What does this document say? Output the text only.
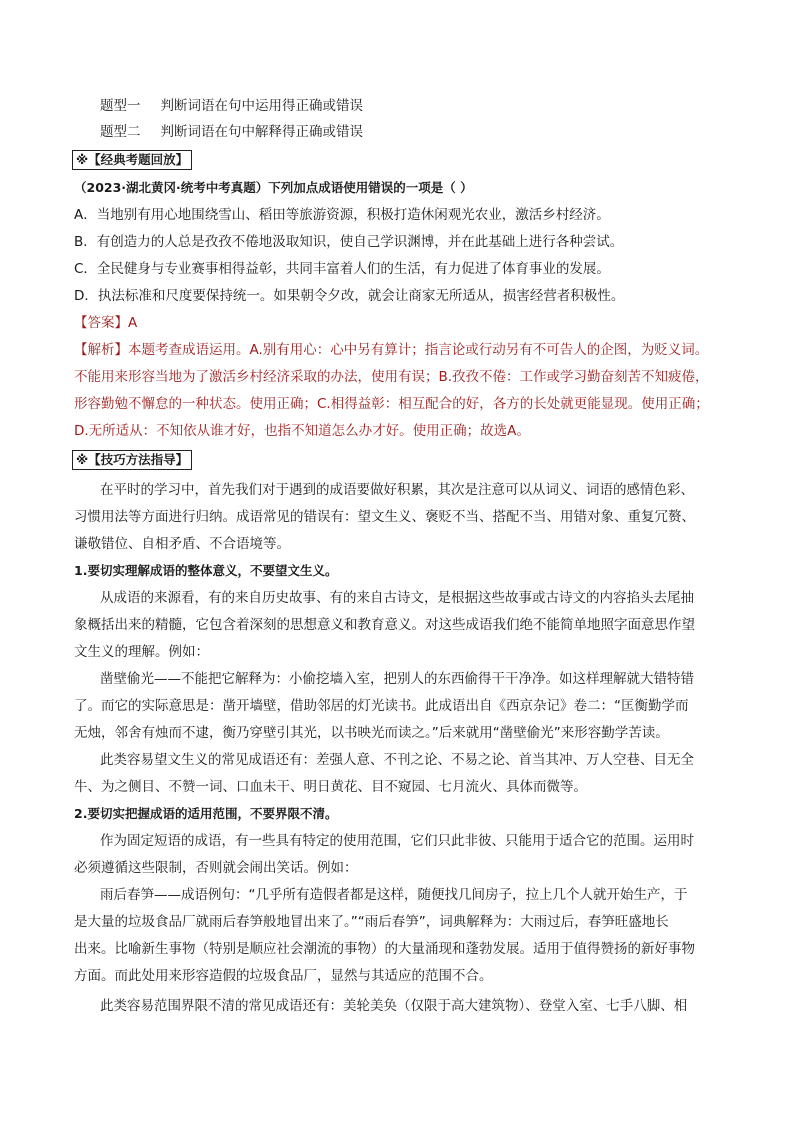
题型一 判断词语在句中运用得正确或错误
题型二 判断词语在句中解释得正确或错误
※【经典考题回放】
（2023·湖北黄冈·统考中考真题）下列加点成语使用错误的一项是（ ）
A．当地别有用心地围绕雪山、稻田等旅游资源，积极打造休闲观光农业，激活乡村经济。
B．有创造力的人总是孜孜不倦地汲取知识，使自己学识渊博，并在此基础上进行各种尝试。
C．全民健身与专业赛事相得益彰，共同丰富着人们的生活，有力促进了体育事业的发展。
D．执法标准和尺度要保持统一。如果朝令夕改，就会让商家无所适从，损害经营者积极性。
【答案】A
【解析】本题考查成语运用。A.别有用心：心中另有算计；指言论或行动另有不可告人的企图，为贬义词。
不能用来形容当地为了激活乡村经济采取的办法，使用有误；B.孜孜不倦：工作或学习勤奋刻苦不知疲倦，
形容勤勉不懈怠的一种状态。使用正确；C.相得益彰：相互配合的好，各方的长处就更能显现。使用正确；
D.无所适从：不知依从谁才好，也指不知道怎么办才好。使用正确；故选A。
※【技巧方法指导】
在平时的学习中，首先我们对于遇到的成语要做好积累，其次是注意可以从词义、词语的感情色彩、
习惯用法等方面进行归纳。成语常见的错误有：望文生义、褒贬不当、搭配不当、用错对象、重复冗赘、
谦敬错位、自相矛盾、不合语境等。
1.要切实理解成语的整体意义，不要望文生义。
从成语的来源看，有的来自历史故事、有的来自古诗文，是根据这些故事或古诗文的内容掐头去尾抽
象概括出来的精髓，它包含着深刻的思想意义和教育意义。对这些成语我们绝不能简单地照字面意思作望
文生义的理解。例如：
凿壁偷光——不能把它解释为：小偷挖墙入室，把别人的东西偷得干干净净。如这样理解就大错特错
了。而它的实际意思是：凿开墙壁，借助邻居的灯光读书。此成语出自《西京杂记》卷二：“匡衡勤学而
无烛，邻舍有烛而不逮，衡乃穿壁引其光，以书映光而读之。”后来就用“凿壁偷光”来形容勤学苦读。
此类容易望文生义的常见成语还有：差强人意、不刊之论、不易之论、首当其冲、万人空巷、目无全
牛、为之侧目、不赞一词、口血未干、明日黄花、目不窥园、七月流火、具体而微等。
2.要切实把握成语的适用范围，不要界限不清。
作为固定短语的成语，有一些具有特定的使用范围，它们只此非彼、只能用于适合它的范围。运用时
必须遵循这些限制，否则就会闹出笑话。例如：
雨后春笋——成语例句：“几乎所有造假者都是这样，随便找几间房子，拉上几个人就开始生产，于
是大量的垃圾食品厂就雨后春笋般地冒出来了。”“雨后春笋”，词典解释为：大雨过后，春笋旺盛地长
出来。比喻新生事物（特别是顺应社会潮流的事物）的大量涌现和蓬勃发展。适用于值得赞扬的新好事物
方面。而此处用来形容造假的垃圾食品厂，显然与其适应的范围不合。
此类容易范围界限不清的常见成语还有：美轮美奂（仅限于高大建筑物）、登堂入室、七手八脚、相
